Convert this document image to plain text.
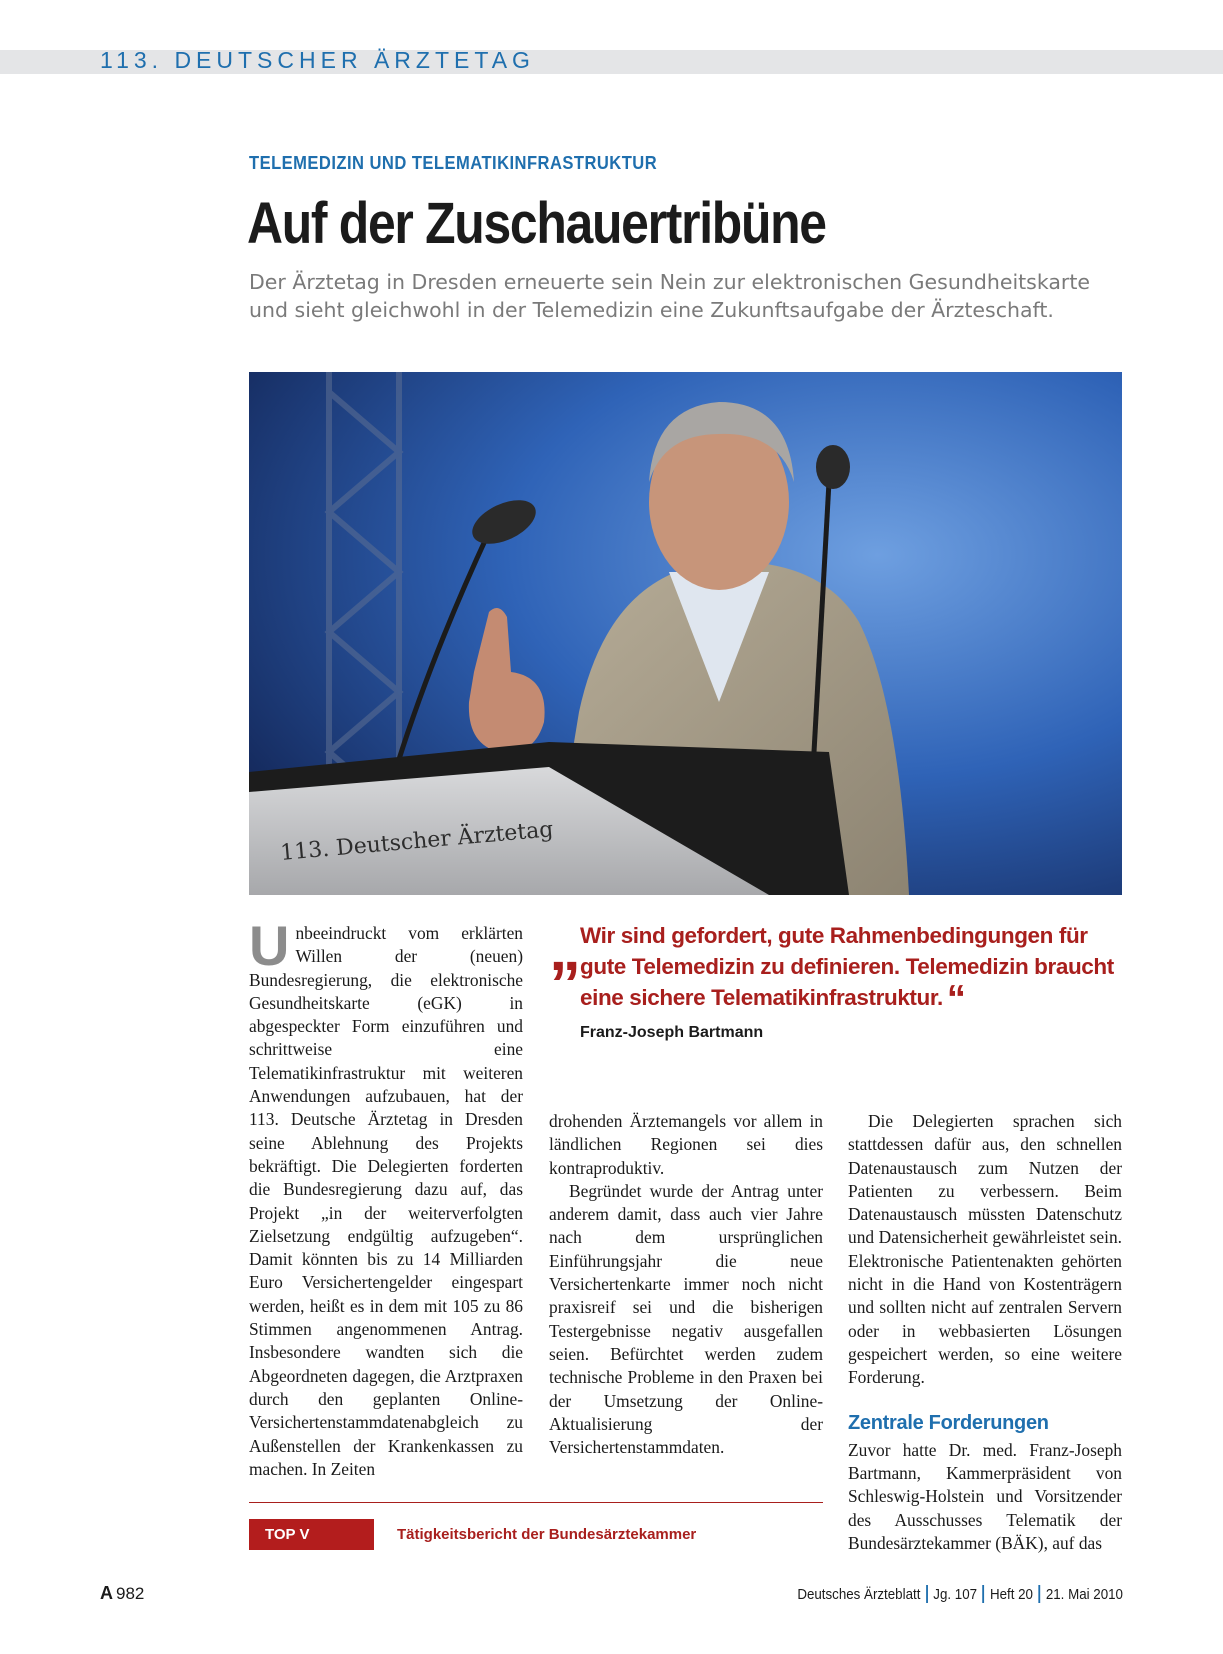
113. DEUTSCHER ÄRZTETAG
TELEMEDIZIN UND TELEMATIKINFRASTRUKTUR
Auf der Zuschauertribüne
Der Ärztetag in Dresden erneuerte sein Nein zur elektronischen Gesundheitskarte und sieht gleichwohl in der Telemedizin eine Zukunftsaufgabe der Ärzteschaft.
113. Deutscher Ärztetag
U nbeeindruckt vom erklärten Willen der (neuen) Bundesregierung, die elektronische Gesundheitskarte (eGK) in abgespeckter Form einzuführen und schrittweise eine Telematikinfrastruktur mit weiteren Anwendungen aufzubauen, hat der 113. Deutsche Ärztetag in Dresden seine Ablehnung des Projekts bekräftigt. Die Delegierten forderten die Bundesregierung dazu auf, das Projekt „in der weiterverfolgten Zielsetzung endgültig aufzugeben“. Damit könnten bis zu 14 Milliarden Euro Versichertengelder eingespart werden, heißt es in dem mit 105 zu 86 Stimmen angenommenen Antrag. Insbesondere wandten sich die Abgeordneten dagegen, die Arztpraxen durch den geplanten Online-Versichertenstammdatenabgleich zu Außenstellen der Krankenkassen zu machen. In Zeiten
„ Wir sind gefordert, gute Rahmenbedingungen für gute Telemedizin zu definieren. Telemedizin braucht eine sichere Telematikinfrastruktur. “
Franz-Joseph Bartmann

drohenden Ärztemangels vor allem in ländlichen Regionen sei dies kontraproduktiv.

Begründet wurde der Antrag unter anderem damit, dass auch vier Jahre nach dem ursprünglichen Einführungsjahr die neue Versichertenkarte immer noch nicht praxisreif sei und die bisherigen Testergebnisse negativ ausgefallen seien. Befürchtet werden zudem technische Probleme in den Praxen bei der Umsetzung der Online-Aktualisierung der Versichertenstammdaten.

Die Delegierten sprachen sich stattdessen dafür aus, den schnellen Datenaustausch zum Nutzen der Patienten zu verbessern. Beim Datenaustausch müssten Datenschutz und Datensicherheit gewährleistet sein. Elektronische Patientenakten gehörten nicht in die Hand von Kostenträgern und sollten nicht auf zentralen Servern oder in webbasierten Lösungen gespeichert werden, so eine weitere Forderung.

Zentrale Forderungen

Zuvor hatte Dr. med. Franz-Joseph Bartmann, Kammerpräsident von Schleswig-Holstein und Vorsitzender des Ausschusses Telematik der Bundesärztekammer (BÄK), auf das

TOP V	Tätigkeitsbericht der Bundesärztekammer
A 982	Deutsches Ärzteblatt Jg. 107 Heft 20 21. Mai 2010
